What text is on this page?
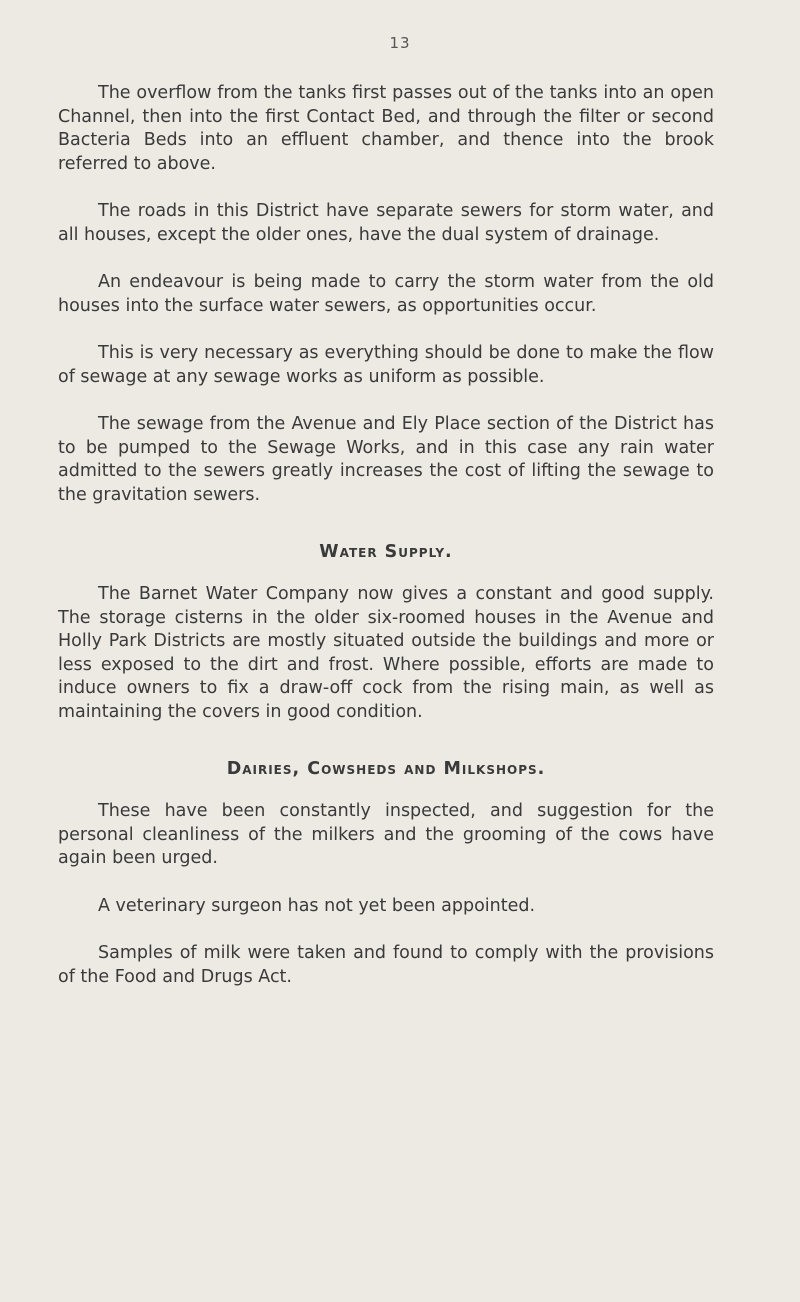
13

The overflow from the tanks first passes out of the tanks into an open Channel, then into the first Contact Bed, and through the filter or second Bacteria Beds into an effluent chamber, and thence into the brook referred to above.

The roads in this District have separate sewers for storm water, and all houses, except the older ones, have the dual system of drainage.

An endeavour is being made to carry the storm water from the old houses into the surface water sewers, as opportunities occur.

This is very necessary as everything should be done to make the flow of sewage at any sewage works as uniform as possible.

The sewage from the Avenue and Ely Place section of the District has to be pumped to the Sewage Works, and in this case any rain water admitted to the sewers greatly increases the cost of lifting the sewage to the gravitation sewers.

Water Supply.

The Barnet Water Company now gives a constant and good supply. The storage cisterns in the older six-roomed houses in the Avenue and Holly Park Districts are mostly situated outside the buildings and more or less exposed to the dirt and frost. Where possible, efforts are made to induce owners to fix a draw-off cock from the rising main, as well as maintaining the covers in good condition.

Dairies, Cowsheds and Milkshops.

These have been constantly inspected, and suggestion for the personal cleanliness of the milkers and the grooming of the cows have again been urged.

A veterinary surgeon has not yet been appointed.

Samples of milk were taken and found to comply with the provisions of the Food and Drugs Act.
